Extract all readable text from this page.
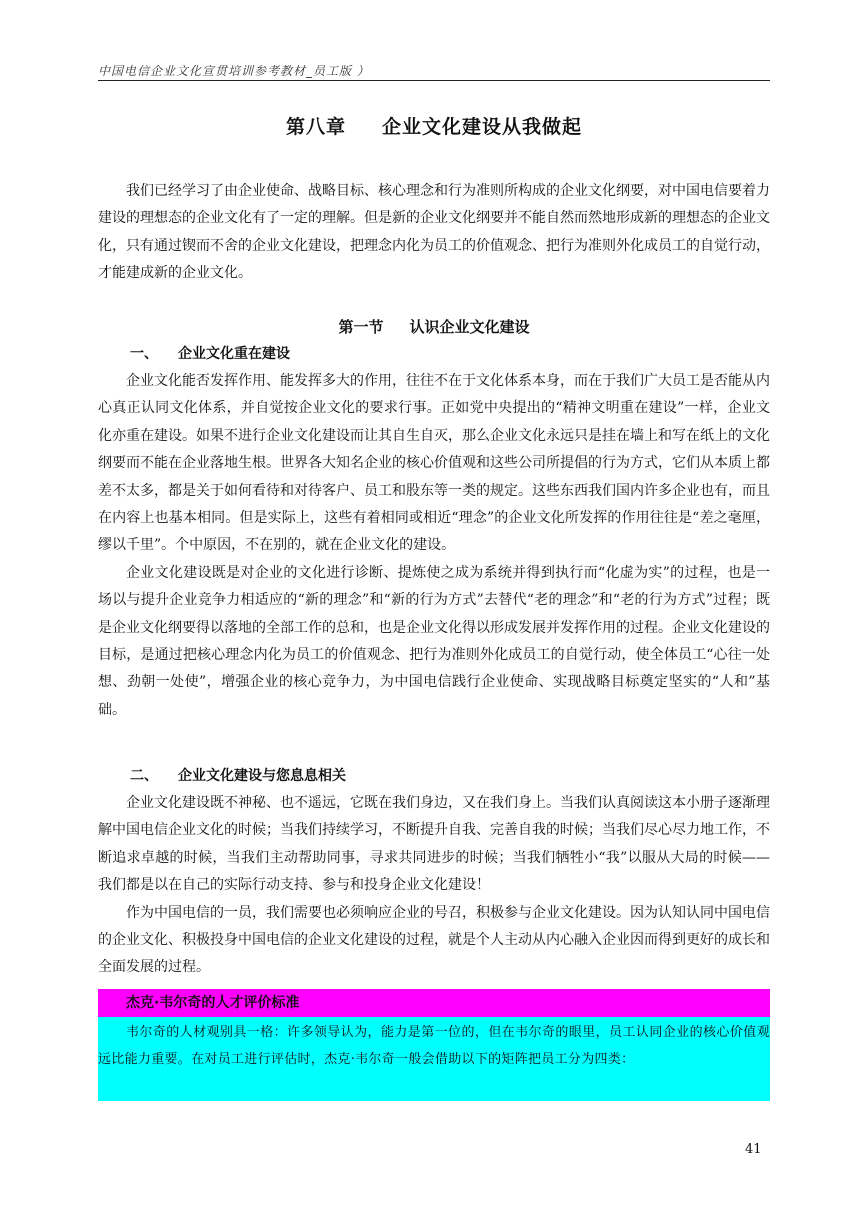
中国电信企业文化宣贯培训参考教材_员工版 ）
第八章 企业文化建设从我做起

我们已经学习了由企业使命、战略目标、核心理念和行为准则所构成的企业文化纲要，对中国电信要着力建设的理想态的企业文化有了一定的理解。但是新的企业文化纲要并不能自然而然地形成新的理想态的企业文化，只有通过锲而不舍的企业文化建设，把理念内化为员工的价值观念、把行为准则外化成员工的自觉行动，才能建成新的企业文化。

第一节 认识企业文化建设
一、 企业文化重在建设

企业文化能否发挥作用、能发挥多大的作用，往往不在于文化体系本身，而在于我们广大员工是否能从内心真正认同文化体系，并自觉按企业文化的要求行事。正如党中央提出的“精神文明重在建设”一样，企业文化亦重在建设。如果不进行企业文化建设而让其自生自灭，那么企业文化永远只是挂在墙上和写在纸上的文化纲要而不能在企业落地生根。世界各大知名企业的核心价值观和这些公司所提倡的行为方式，它们从本质上都差不太多，都是关于如何看待和对待客户、员工和股东等一类的规定。这些东西我们国内许多企业也有，而且在内容上也基本相同。但是实际上，这些有着相同或相近“理念”的企业文化所发挥的作用往往是“差之毫厘，缪以千里”。个中原因，不在别的，就在企业文化的建设。

企业文化建设既是对企业的文化进行诊断、提炼使之成为系统并得到执行而“化虚为实”的过程，也是一场以与提升企业竞争力相适应的“新的理念”和“新的行为方式”去替代“老的理念”和“老的行为方式”过程；既是企业文化纲要得以落地的全部工作的总和，也是企业文化得以形成发展并发挥作用的过程。企业文化建设的目标，是通过把核心理念内化为员工的价值观念、把行为准则外化成员工的自觉行动，使全体员工“心往一处想、劲朝一处使”，增强企业的核心竞争力，为中国电信践行企业使命、实现战略目标奠定坚实的“人和”基础。

二、 企业文化建设与您息息相关

企业文化建设既不神秘、也不遥远，它既在我们身边，又在我们身上。当我们认真阅读这本小册子逐渐理解中国电信企业文化的时候；当我们持续学习，不断提升自我、完善自我的时候；当我们尽心尽力地工作，不断追求卓越的时候，当我们主动帮助同事，寻求共同进步的时候；当我们牺牲小“我”以服从大局的时候——我们都是以在自己的实际行动支持、参与和投身企业文化建设！

作为中国电信的一员，我们需要也必须响应企业的号召，积极参与企业文化建设。因为认知认同中国电信的企业文化、积极投身中国电信的企业文化建设的过程，就是个人主动从内心融入企业因而得到更好的成长和全面发展的过程。

杰克·韦尔奇的人才评价标准

韦尔奇的人材观别具一格：许多领导认为，能力是第一位的，但在韦尔奇的眼里，员工认同企业的核心价值观远比能力重要。在对员工进行评估时，杰克·韦尔奇一般会借助以下的矩阵把员工分为四类：

41
